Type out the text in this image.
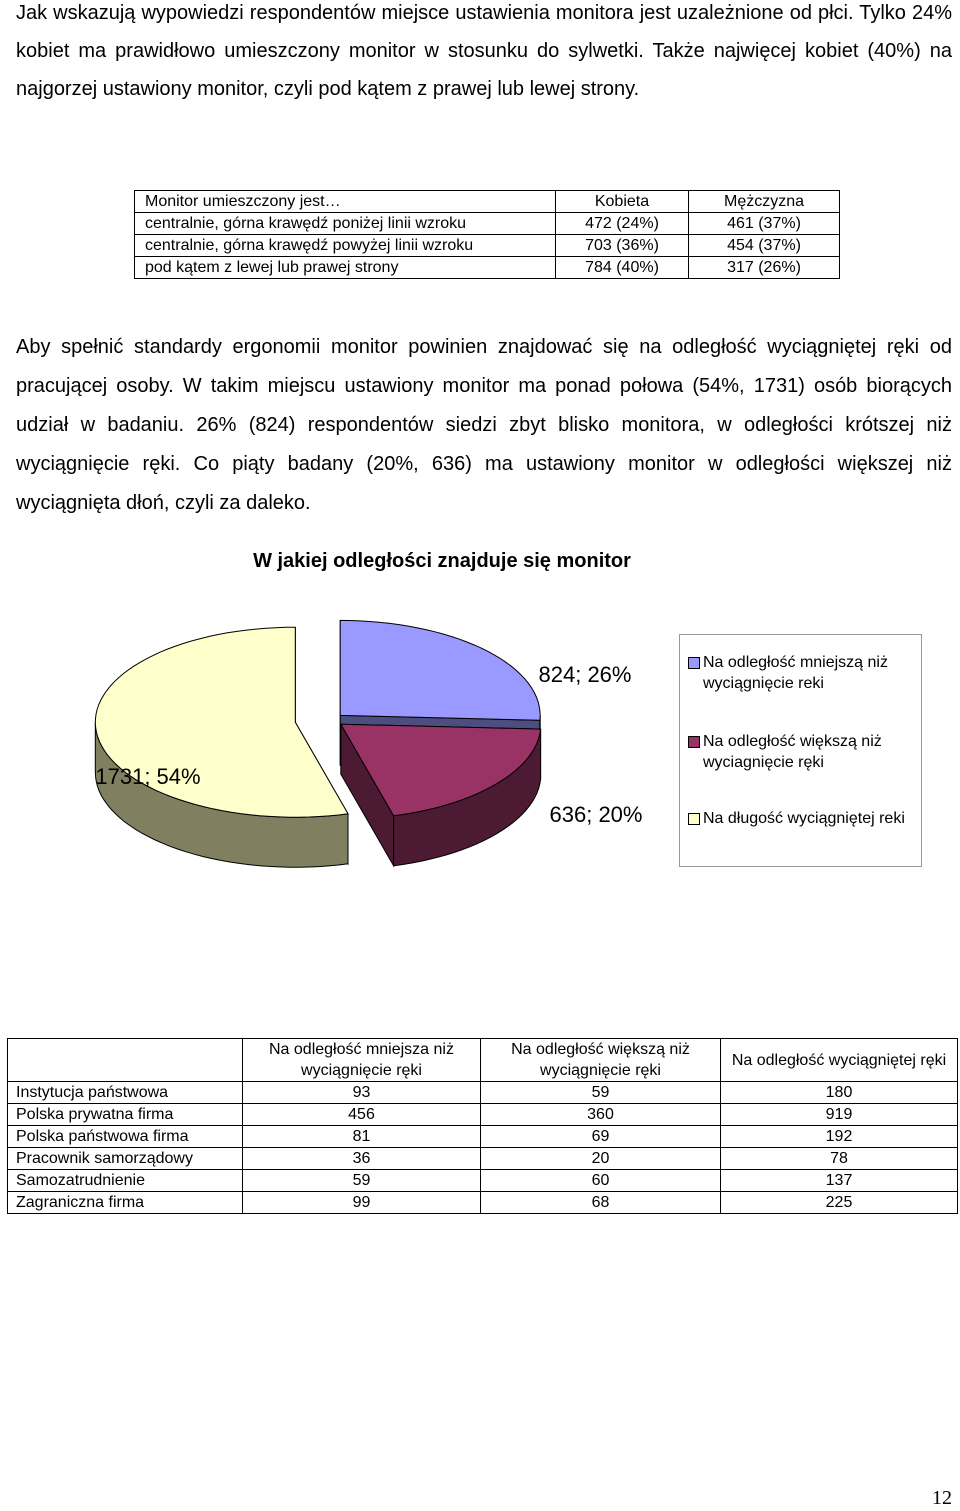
Jak wskazują wypowiedzi respondentów miejsce ustawienia monitora jest uzależnione od płci. Tylko 24% kobiet ma prawidłowo umieszczony monitor w stosunku do sylwetki. Także najwięcej kobiet (40%) na najgorzej ustawiony monitor, czyli pod kątem z prawej lub lewej strony.
Monitor umieszczony jest…	Kobieta	Mężczyzna
centralnie, górna krawędź poniżej linii wzroku	472 (24%)	461 (37%)
centralnie, górna krawędź powyżej linii wzroku	703 (36%)	454 (37%)
pod kątem z lewej lub prawej strony	784 (40%)	317 (26%)
Aby spełnić standardy ergonomii monitor powinien znajdować się na odległość wyciągniętej ręki od pracującej osoby. W takim miejscu ustawiony monitor ma ponad połowa (54%, 1731) osób biorących udział w badaniu. 26% (824) respondentów siedzi zbyt blisko monitora, w odległości krótszej niż wyciągnięcie ręki. Co piąty badany (20%, 636) ma ustawiony monitor w odległości większej niż wyciągnięta dłoń, czyli za daleko.
W jakiej odległości znajduje się monitor
824; 26%
636; 20%
1731; 54%
Na odległość mniejszą niż wyciągnięcie reki
Na odległość większą niż wyciagnięcie ręki
Na długość wyciągniętej reki
	Na odległość mniejsza niż wyciągnięcie ręki	Na odległość większą niż wyciągnięcie ręki	Na odległość wyciągniętej ręki
Instytucja państwowa	93	59	180
Polska prywatna firma	456	360	919
Polska państwowa firma	81	69	192
Pracownik samorządowy	36	20	78
Samozatrudnienie	59	60	137
Zagraniczna firma	99	68	225
12
